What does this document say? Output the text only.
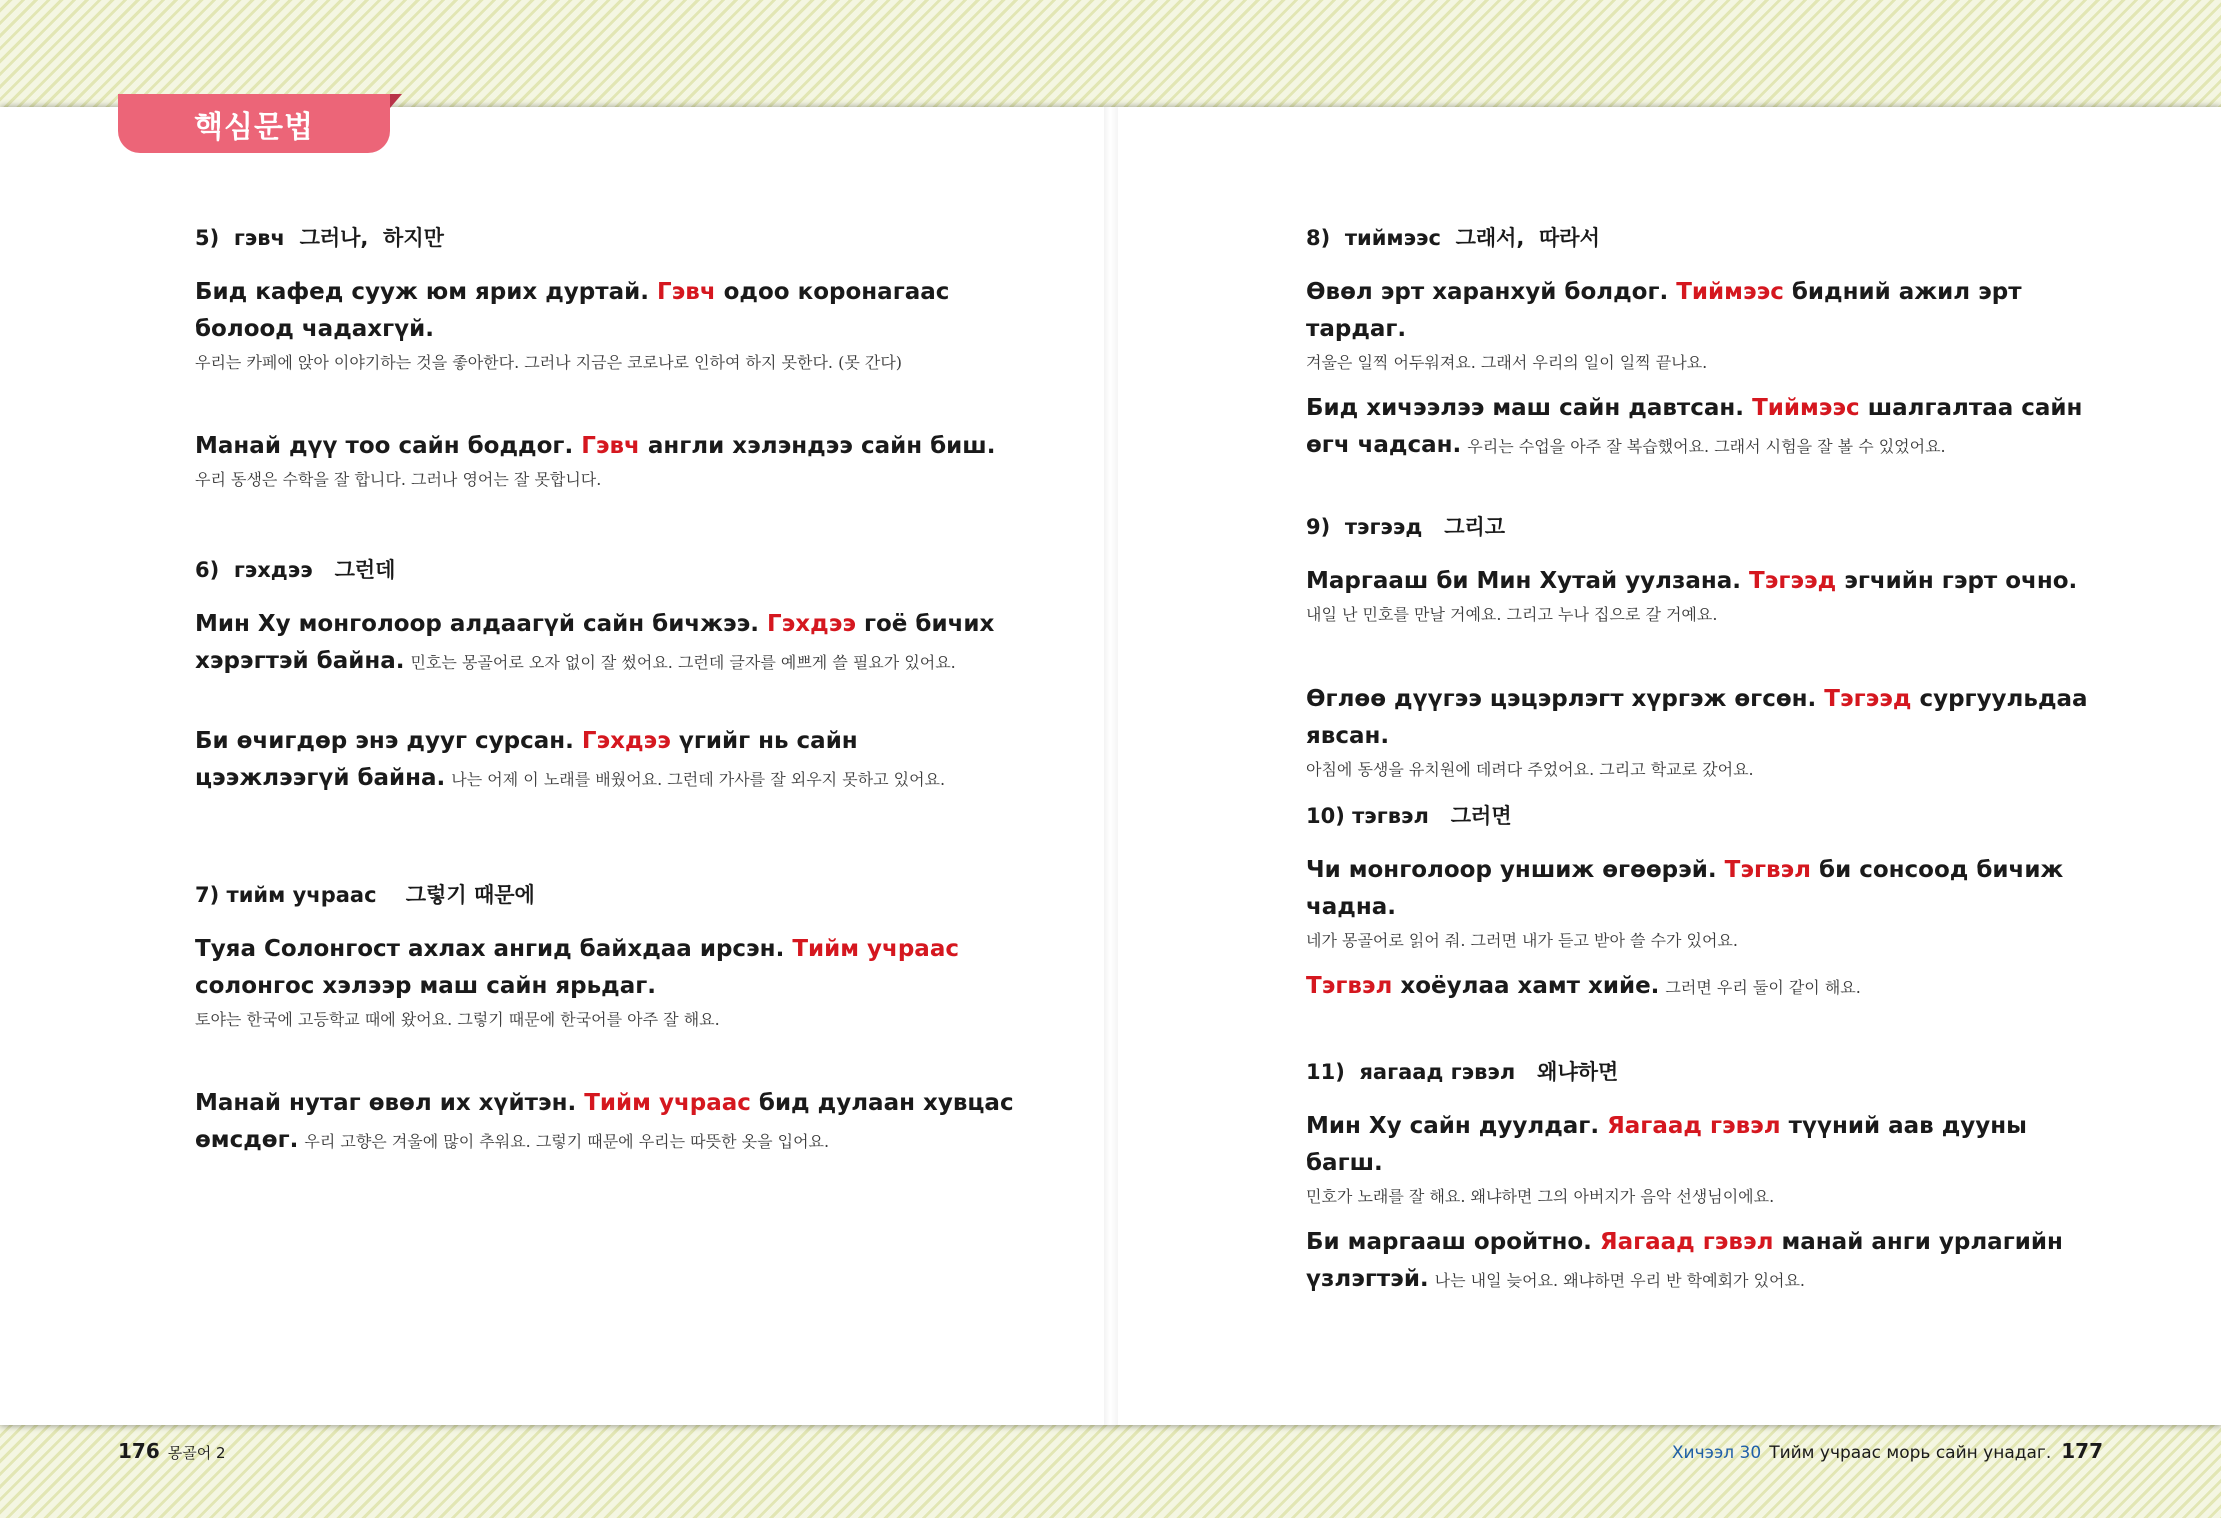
핵심문법
5)  гэвч  그러나,  하지만
Бид кафед сууж юм ярих дуртай. Гэвч одоо коронагаас болоод чадахгүй.
우리는 카페에 앉아 이야기하는 것을 좋아한다. 그러나 지금은 코로나로 인하여 하지 못한다. (못 간다)
Манай дүү тоо сайн боддог. Гэвч англи хэлэндээ сайн биш.
우리 동생은 수학을 잘 합니다. 그러나 영어는 잘 못합니다.
6)  гэхдээ   그런데
Мин Ху монголоор алдаагүй сайн бичжээ. Гэхдээ гоё бичих хэрэгтэй байна. 민호는 몽골어로 오자 없이 잘 썼어요. 그런데 글자를 예쁘게 쓸 필요가 있어요.
Би өчигдөр энэ дууг сурсан. Гэхдээ үгийг нь сайн цээжлээгүй байна. 나는 어제 이 노래를 배웠어요. 그런데 가사를 잘 외우지 못하고 있어요.
7) тийм учраас    그렇기 때문에
Туяа Солонгост ахлах ангид байхдаа ирсэн. Тийм учраас солонгос хэлээр маш сайн ярьдаг.
토야는 한국에 고등학교 때에 왔어요. 그렇기 때문에 한국어를 아주 잘 해요.
Манай нутаг өвөл их хүйтэн. Тийм учраас бид дулаан хувцас өмсдөг. 우리 고향은 겨울에 많이 추워요. 그렇기 때문에 우리는 따뜻한 옷을 입어요.
8)  тиймээс  그래서,  따라서
Өвөл эрт харанхуй болдог. Тиймээс бидний ажил эрт тардаг.
겨울은 일찍 어두워져요. 그래서 우리의 일이 일찍 끝나요.
Бид хичээлээ маш сайн давтсан. Тиймээс шалгалтаа сайн өгч чадсан. 우리는 수업을 아주 잘 복습했어요. 그래서 시험을 잘 볼 수 있었어요.
9)  тэгээд   그리고
Маргааш би Мин Хутай уулзана. Тэгээд эгчийн гэрт очно.
내일 난 민호를 만날 거예요. 그리고 누나 집으로 갈 거예요.
Өглөө дүүгээ цэцэрлэгт хүргэж өгсөн. Тэгээд сургуульдаа явсан.
아침에 동생을 유치원에 데려다 주었어요. 그리고 학교로 갔어요.
10) тэгвэл   그러면
Чи монголоор уншиж өгөөрэй. Тэгвэл би сонсоод бичиж чадна.
네가 몽골어로 읽어 줘. 그러면 내가 듣고 받아 쓸 수가 있어요.
Тэгвэл хоёулаа хамт хийе. 그러면 우리 둘이 같이 해요.
11)  яагаад гэвэл   왜냐하면
Мин Ху сайн дуулдаг. Яагаад гэвэл түүний аав дууны багш.
민호가 노래를 잘 해요. 왜냐하면 그의 아버지가 음악 선생님이에요.
Би маргааш оройтно. Яагаад гэвэл манай анги урлагийн үзлэгтэй. 나는 내일 늦어요. 왜냐하면 우리 반 학예회가 있어요.
176 몽골어 2	Хичээл 30 Тийм учраас морь сайн унадаг. 177
